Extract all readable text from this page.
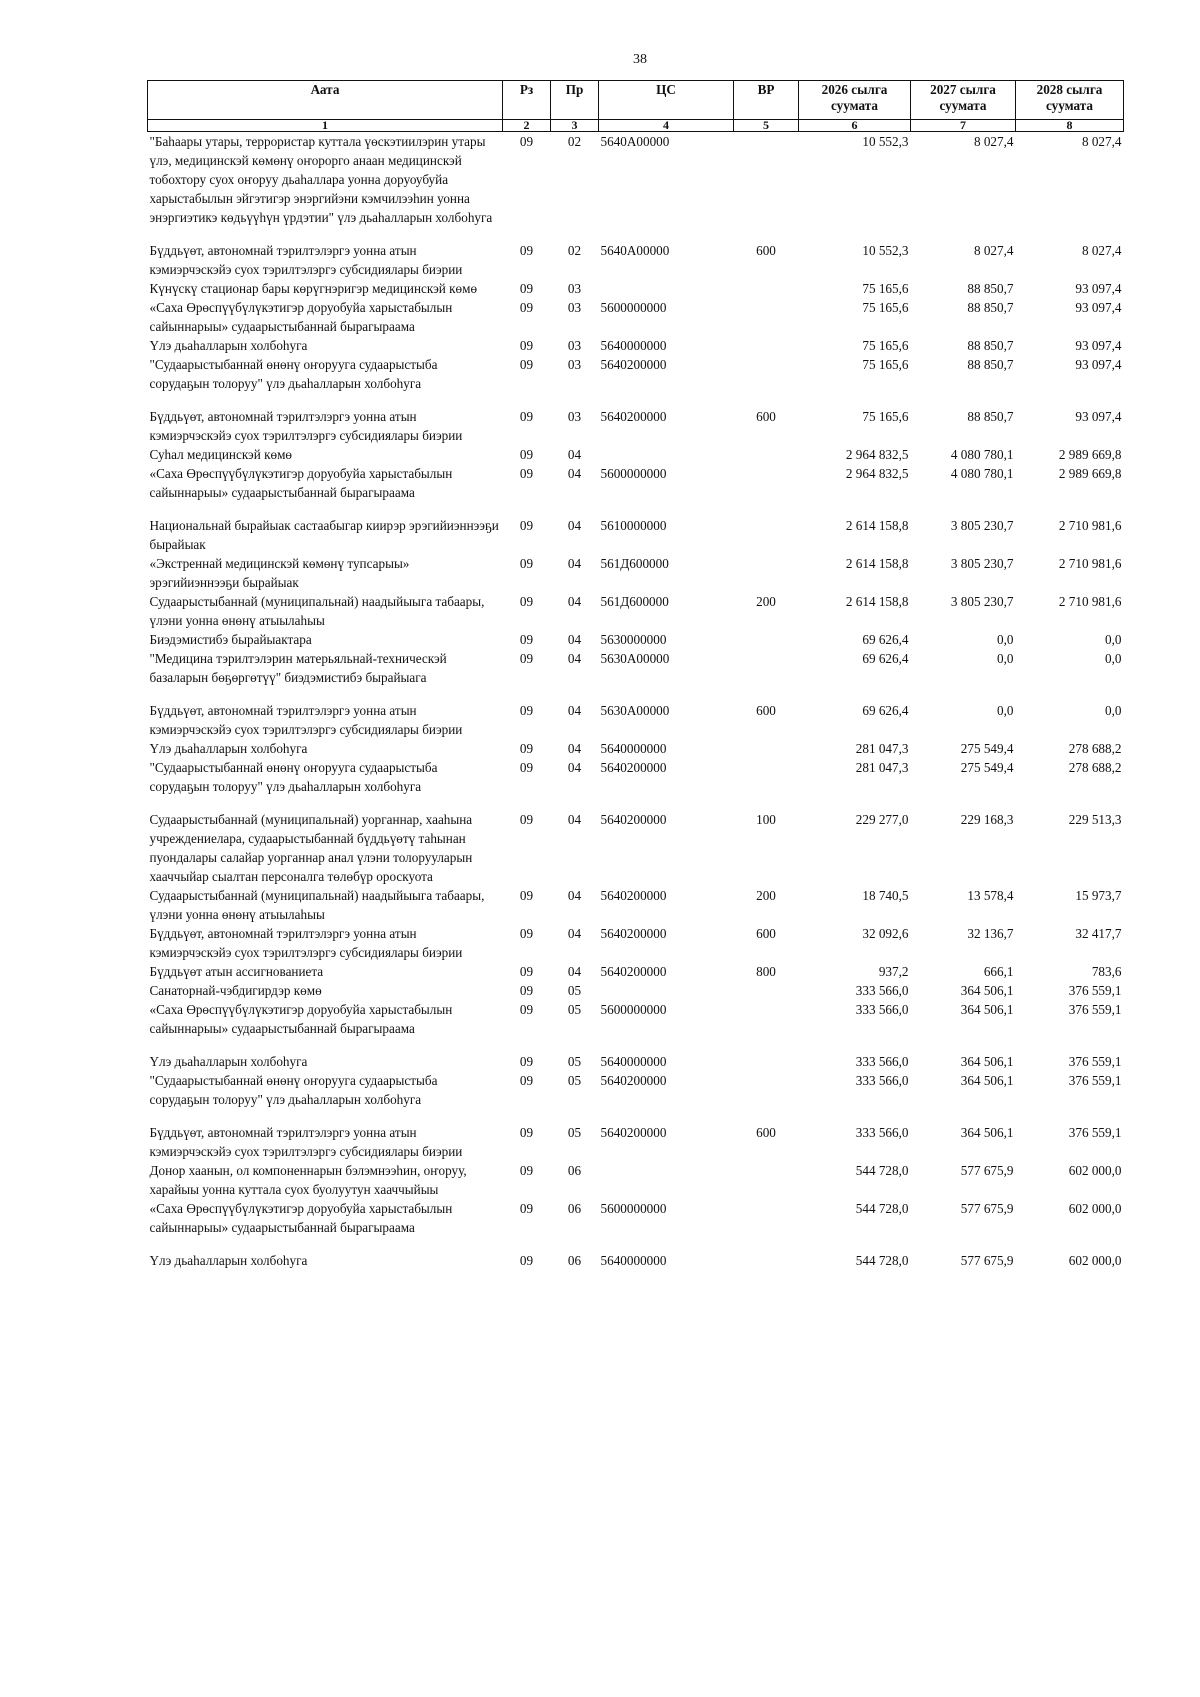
38
Аата	Рз	Пр	ЦС	ВР	2026 сылга суумата	2027 сылга суумата	2028 сылга суумата
1	2	3	4	5	6	7	8
"Баһаары утары, террористар куттала үөскэтиилэрин утары үлэ, медицинскэй көмөнү оҥорорго анаан медицинскэй тобохтору суох оҥоруу дьаһаллара уонна доруоубуйа харыстабылын эйгэтигэр энэргийэни кэмчилээһин уонна энэргиэтикэ көдьүүһүн үрдэтии" үлэ дьаһалларын холбоһуга	09	02	5640А00000		10 552,3	8 027,4	8 027,4

Бүддьүөт, автономнай тэрилтэлэргэ уонна атын кэмиэрчэскэйэ суох тэрилтэлэргэ субсидиялары биэрии	09	02	5640А00000	600	10 552,3	8 027,4	8 027,4
Күнүскү стационар бары көрүгнэригэр медицинскэй көмө	09	03			75 165,6	88 850,7	93 097,4
«Саха Өрөспүүбүлүкэтигэр доруобуйа харыстабылын сайыннарыы» судаарыстыбаннай бырагыраама	09	03	5600000000		75 165,6	88 850,7	93 097,4
Үлэ дьаһалларын холбоһуга	09	03	5640000000		75 165,6	88 850,7	93 097,4
"Судаарыстыбаннай өнөнү оҥоруугa судаарыстыба сорудаҕын толоруу" үлэ дьаһалларын холбоһуга	09	03	5640200000		75 165,6	88 850,7	93 097,4

Бүддьүөт, автономнай тэрилтэлэргэ уонна атын кэмиэрчэскэйэ суох тэрилтэлэргэ субсидиялары биэрии	09	03	5640200000	600	75 165,6	88 850,7	93 097,4
Суһал медицинскэй көмө	09	04			2 964 832,5	4 080 780,1	2 989 669,8
«Саха Өрөспүүбүлүкэтигэр доруобуйа харыстабылын сайыннарыы» судаарыстыбаннай бырагыраама	09	04	5600000000		2 964 832,5	4 080 780,1	2 989 669,8

Национальнай бырайыак састаабыгар киирэр эрэгийиэннээҕи бырайыак	09	04	5610000000		2 614 158,8	3 805 230,7	2 710 981,6
«Экстреннай медицинскэй көмөнү тупсарыы» эрэгийиэннээҕи бырайыак	09	04	561Д600000		2 614 158,8	3 805 230,7	2 710 981,6
Судаарыстыбаннай (муниципальнай) наадыйыыга табаары, үлэни уонна өнөнү атыылаһыы	09	04	561Д600000	200	2 614 158,8	3 805 230,7	2 710 981,6
Биэдэмистибэ бырайыактара	09	04	5630000000		69 626,4	0,0	0,0
"Медицина тэрилтэлэрин матерьяльнай-техническэй базаларын бөҕөргөтүү" биэдэмистибэ бырайыага	09	04	5630А00000		69 626,4	0,0	0,0

Бүддьүөт, автономнай тэрилтэлэргэ уонна атын кэмиэрчэскэйэ суох тэрилтэлэргэ субсидиялары биэрии	09	04	5630А00000	600	69 626,4	0,0	0,0
Үлэ дьаһалларын холбоһуга	09	04	5640000000		281 047,3	275 549,4	278 688,2
"Судаарыстыбаннай өнөнү оҥоруугa судаарыстыба сорудаҕын толоруу" үлэ дьаһалларын холбоһуга	09	04	5640200000		281 047,3	275 549,4	278 688,2

Судаарыстыбаннай (муниципальнай) уорганнар, хааһына учреждениелара, судаарыстыбаннай бүддьүөтү таһынан пуондалары салайар уорганнар анал үлэни толорууларын хааччыйар сыалтан персоналга төлөбүр ороскуота	09	04	5640200000	100	229 277,0	229 168,3	229 513,3
Судаарыстыбаннай (муниципальнай) наадыйыыга табаары, үлэни уонна өнөнү атыылаһыы	09	04	5640200000	200	18 740,5	13 578,4	15 973,7
Бүддьүөт, автономнай тэрилтэлэргэ уонна атын кэмиэрчэскэйэ суох тэрилтэлэргэ субсидиялары биэрии	09	04	5640200000	600	32 092,6	32 136,7	32 417,7
Бүддьүөт атын ассигнованиета	09	04	5640200000	800	937,2	666,1	783,6
Санаторнай-чэбдигирдэр көмө	09	05			333 566,0	364 506,1	376 559,1
«Саха Өрөспүүбүлүкэтигэр доруобуйа харыстабылын сайыннарыы» судаарыстыбаннай бырагыраама	09	05	5600000000		333 566,0	364 506,1	376 559,1

Үлэ дьаһалларын холбоһуга	09	05	5640000000		333 566,0	364 506,1	376 559,1
"Судаарыстыбаннай өнөнү оҥоруугa судаарыстыба сорудаҕын толоруу" үлэ дьаһалларын холбоһуга	09	05	5640200000		333 566,0	364 506,1	376 559,1

Бүддьүөт, автономнай тэрилтэлэргэ уонна атын кэмиэрчэскэйэ суох тэрилтэлэргэ субсидиялары биэрии	09	05	5640200000	600	333 566,0	364 506,1	376 559,1
Донор хаанын, ол компоненнарын бэлэмнээһин, оҥоруу, харайыы уонна куттала суох буолуутун хааччыйыы	09	06			544 728,0	577 675,9	602 000,0
«Саха Өрөспүүбүлүкэтигэр доруобуйа харыстабылын сайыннарыы» судаарыстыбаннай бырагыраама	09	06	5600000000		544 728,0	577 675,9	602 000,0

Үлэ дьаһалларын холбоһуга	09	06	5640000000		544 728,0	577 675,9	602 000,0
